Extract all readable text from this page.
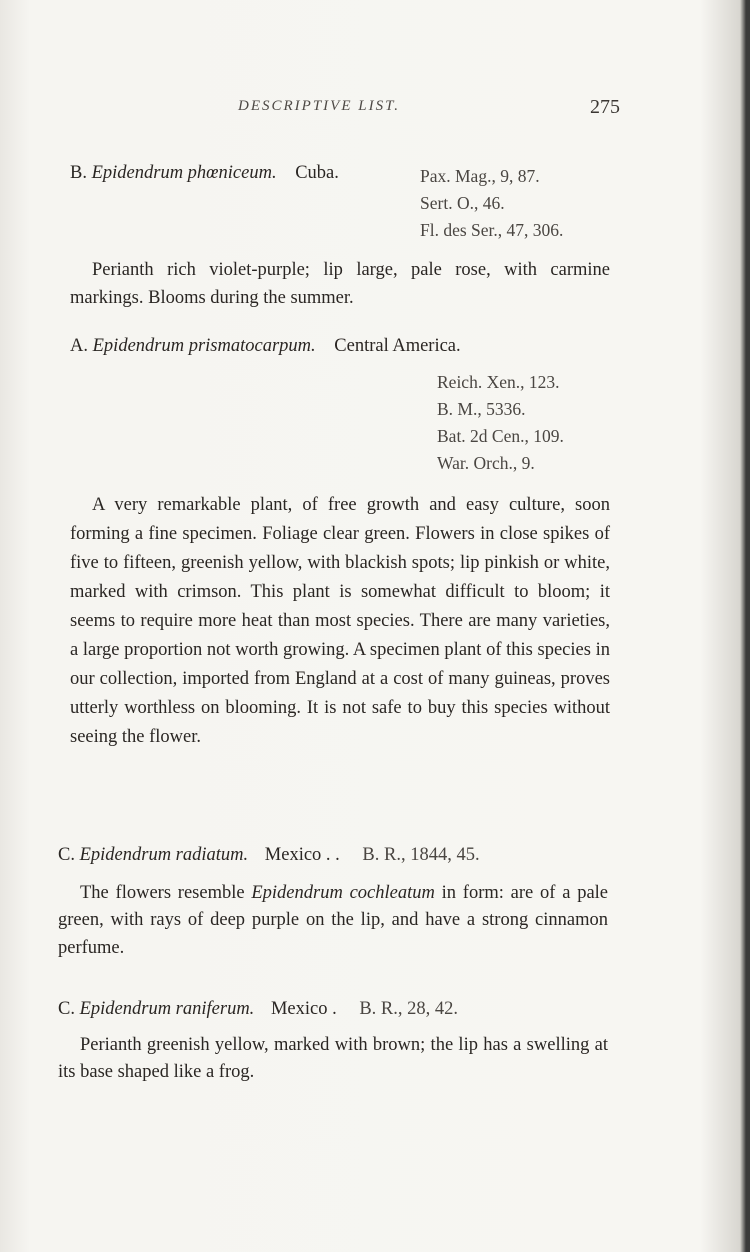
DESCRIPTIVE LIST.	275
B. Epidendrum phœniceum. Cuba.	Pax. Mag., 9, 87.
Sert. O., 46.
Fl. des Ser., 47, 306.
Perianth rich violet-purple; lip large, pale rose, with carmine markings. Blooms during the summer.
A. Epidendrum prismatocarpum. Central America.
Reich. Xen., 123.
B. M., 5336.
Bat. 2d Cen., 109.
War. Orch., 9.
A very remarkable plant, of free growth and easy culture, soon forming a fine specimen. Foliage clear green. Flowers in close spikes of five to fifteen, greenish yellow, with blackish spots; lip pinkish or white, marked with crimson. This plant is somewhat difficult to bloom; it seems to require more heat than most species. There are many varieties, a large proportion not worth growing. A specimen plant of this species in our collection, imported from England at a cost of many guineas, proves utterly worthless on blooming. It is not safe to buy this species without seeing the flower.
C. Epidendrum radiatum. Mexico . . B. R., 1844, 45.
The flowers resemble Epidendrum cochleatum in form: are of a pale green, with rays of deep purple on the lip, and have a strong cinnamon perfume.
C. Epidendrum raniferum. Mexico . B. R., 28, 42.
Perianth greenish yellow, marked with brown; the lip has a swelling at its base shaped like a frog.
